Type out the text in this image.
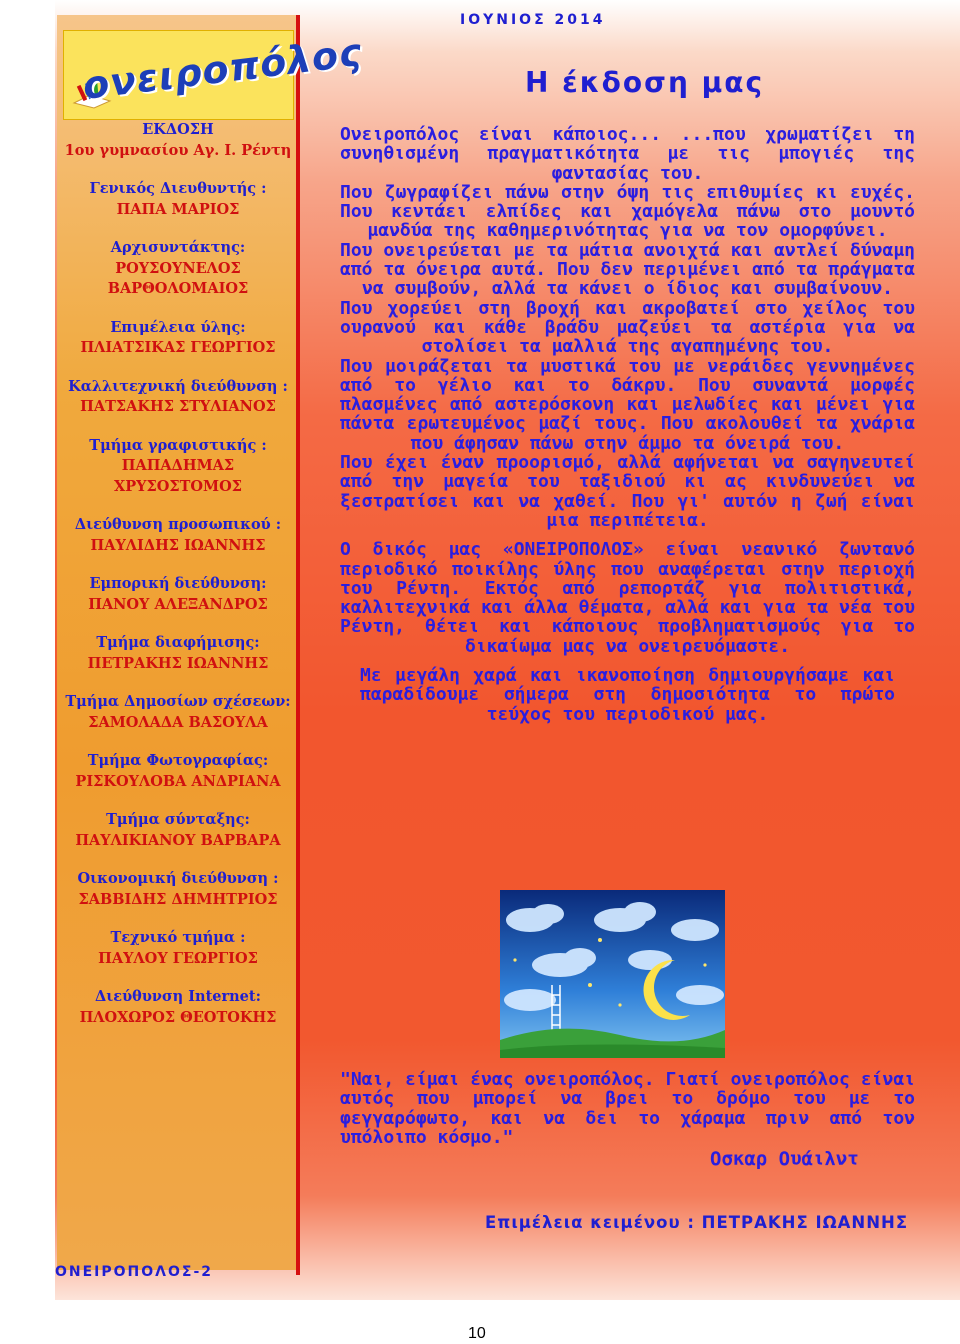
ονειροπόλος
ΕΚΔΟΣΗ
1ου γυμνασίου Αγ. Ι. Ρέντη
Γενικός Διευθυντής :
ΠΑΠΑ ΜΑΡΙΟΣ
Αρχισυντάκτης:
ΡΟΥΣΟΥΝΕΛΟΣ ΒΑΡΘΟΛΟΜΑΙΟΣ
Επιμέλεια ύλης:
ΠΛΙΑΤΣΙΚΑΣ ΓΕΩΡΓΙΟΣ
Καλλιτεχνική διεύθυνση :
ΠΑΤΣΑΚΗΣ ΣΤΥΛΙΑΝΟΣ
Τμήμα γραφιστικής :
ΠΑΠΑΔΗΜΑΣ ΧΡΥΣΟΣΤΟΜΟΣ
Διεύθυνση προσωπικού :
ΠΑΥΛΙΔΗΣ ΙΩΑΝΝΗΣ
Εμπορική διεύθυνση:
ΠΑΝΟΥ ΑΛΕΞΑΝΔΡΟΣ
Τμήμα διαφήμισης:
ΠΕΤΡΑΚΗΣ ΙΩΑΝΝΗΣ
Τμήμα Δημοσίων σχέσεων:
ΣΑΜΟΛΑΔΑ ΒΑΣΟΥΛΑ
Τμήμα Φωτογραφίας:
ΡΙΣΚΟΥΛΟΒΑ ΑΝΔΡΙΑΝΑ
Τμήμα σύνταξης:
ΠΑΥΛΙΚΙΑΝΟΥ ΒΑΡΒΑΡΑ
Οικονομική διεύθυνση :
ΣΑΒΒΙΔΗΣ ΔΗΜΗΤΡΙΟΣ
Τεχνικό τμήμα :
ΠΑΥΛΟΥ ΓΕΩΡΓΙΟΣ
Διεύθυνση Internet:
ΠΛΟΧΩΡΟΣ ΘΕΟΤΟΚΗΣ
ΙΟΥΝΙΟΣ 2014
Η έκδοση μας

Ονειροπόλος είναι κάποιος... ...που χρωματίζει τη συνηθισμένη πραγματικότητα με τις μπογιές της φαντασίας του.

Που ζωγραφίζει πάνω στην όψη τις επιθυμίες κι ευχές. Που κεντάει ελπίδες και χαμόγελα πάνω στο μουντό μανδύα της καθημερινότητας για να τον ομορφύνει.

Που ονειρεύεται με τα μάτια ανοιχτά και αντλεί δύναμη από τα όνειρα αυτά. Που δεν περιμένει από τα πράγματα να συμβούν, αλλά τα κάνει ο ίδιος και συμβαίνουν.

Που χορεύει στη βροχή και ακροβατεί στο χείλος του ουρανού και κάθε βράδυ μαζεύει τα αστέρια για να στολίσει τα μαλλιά της αγαπημένης του.

Που μοιράζεται τα μυστικά του με νεράιδες γεννημένες από το γέλιο και το δάκρυ. Που συναντά μορφές πλασμένες από αστερόσκονη και μελωδίες και μένει για πάντα ερωτευμένος μαζί τους. Που ακολουθεί τα χνάρια που άφησαν πάνω στην άμμο τα όνειρά του.

Που έχει έναν προορισμό, αλλά αφήνεται να σαγηνευτεί από την μαγεία του ταξιδιού κι ας κινδυνεύει να ξεστρατίσει και να χαθεί. Που γι' αυτόν η ζωή είναι μια περιπέτεια.

Ο δικός μας «ΟΝΕΙΡΟΠΟΛΟΣ» είναι νεανικό ζωντανό περιοδικό ποικίλης ύλης που αναφέρεται στην περιοχή του Ρέντη. Εκτός από ρεπορτάζ για πολιτιστικά, καλλιτεχνικά και άλλα θέματα, αλλά και για τα νέα του Ρέντη, θέτει και κάποιους προβληματισμούς για το δικαίωμα μας να ονειρευόμαστε.

Με μεγάλη χαρά και ικανοποίηση δημιουργήσαμε και παραδίδουμε σήμερα στη δημοσιότητα το πρώτο τεύχος του περιοδικού μας.

"Ναι, είμαι ένας ονειροπόλος. Γιατί ονειροπόλος είναι αυτός που μπορεί να βρει το δρόμο του με το φεγγαρόφωτο, και να δει το χάραμα πριν από τον υπόλοιπο κόσμο."
Οσκαρ Ουάιλντ
Επιμέλεια κειμένου : ΠΕΤΡΑΚΗΣ ΙΩΑΝΝΗΣ
ΟΝΕΙΡΟΠΟΛΟΣ-2
10
